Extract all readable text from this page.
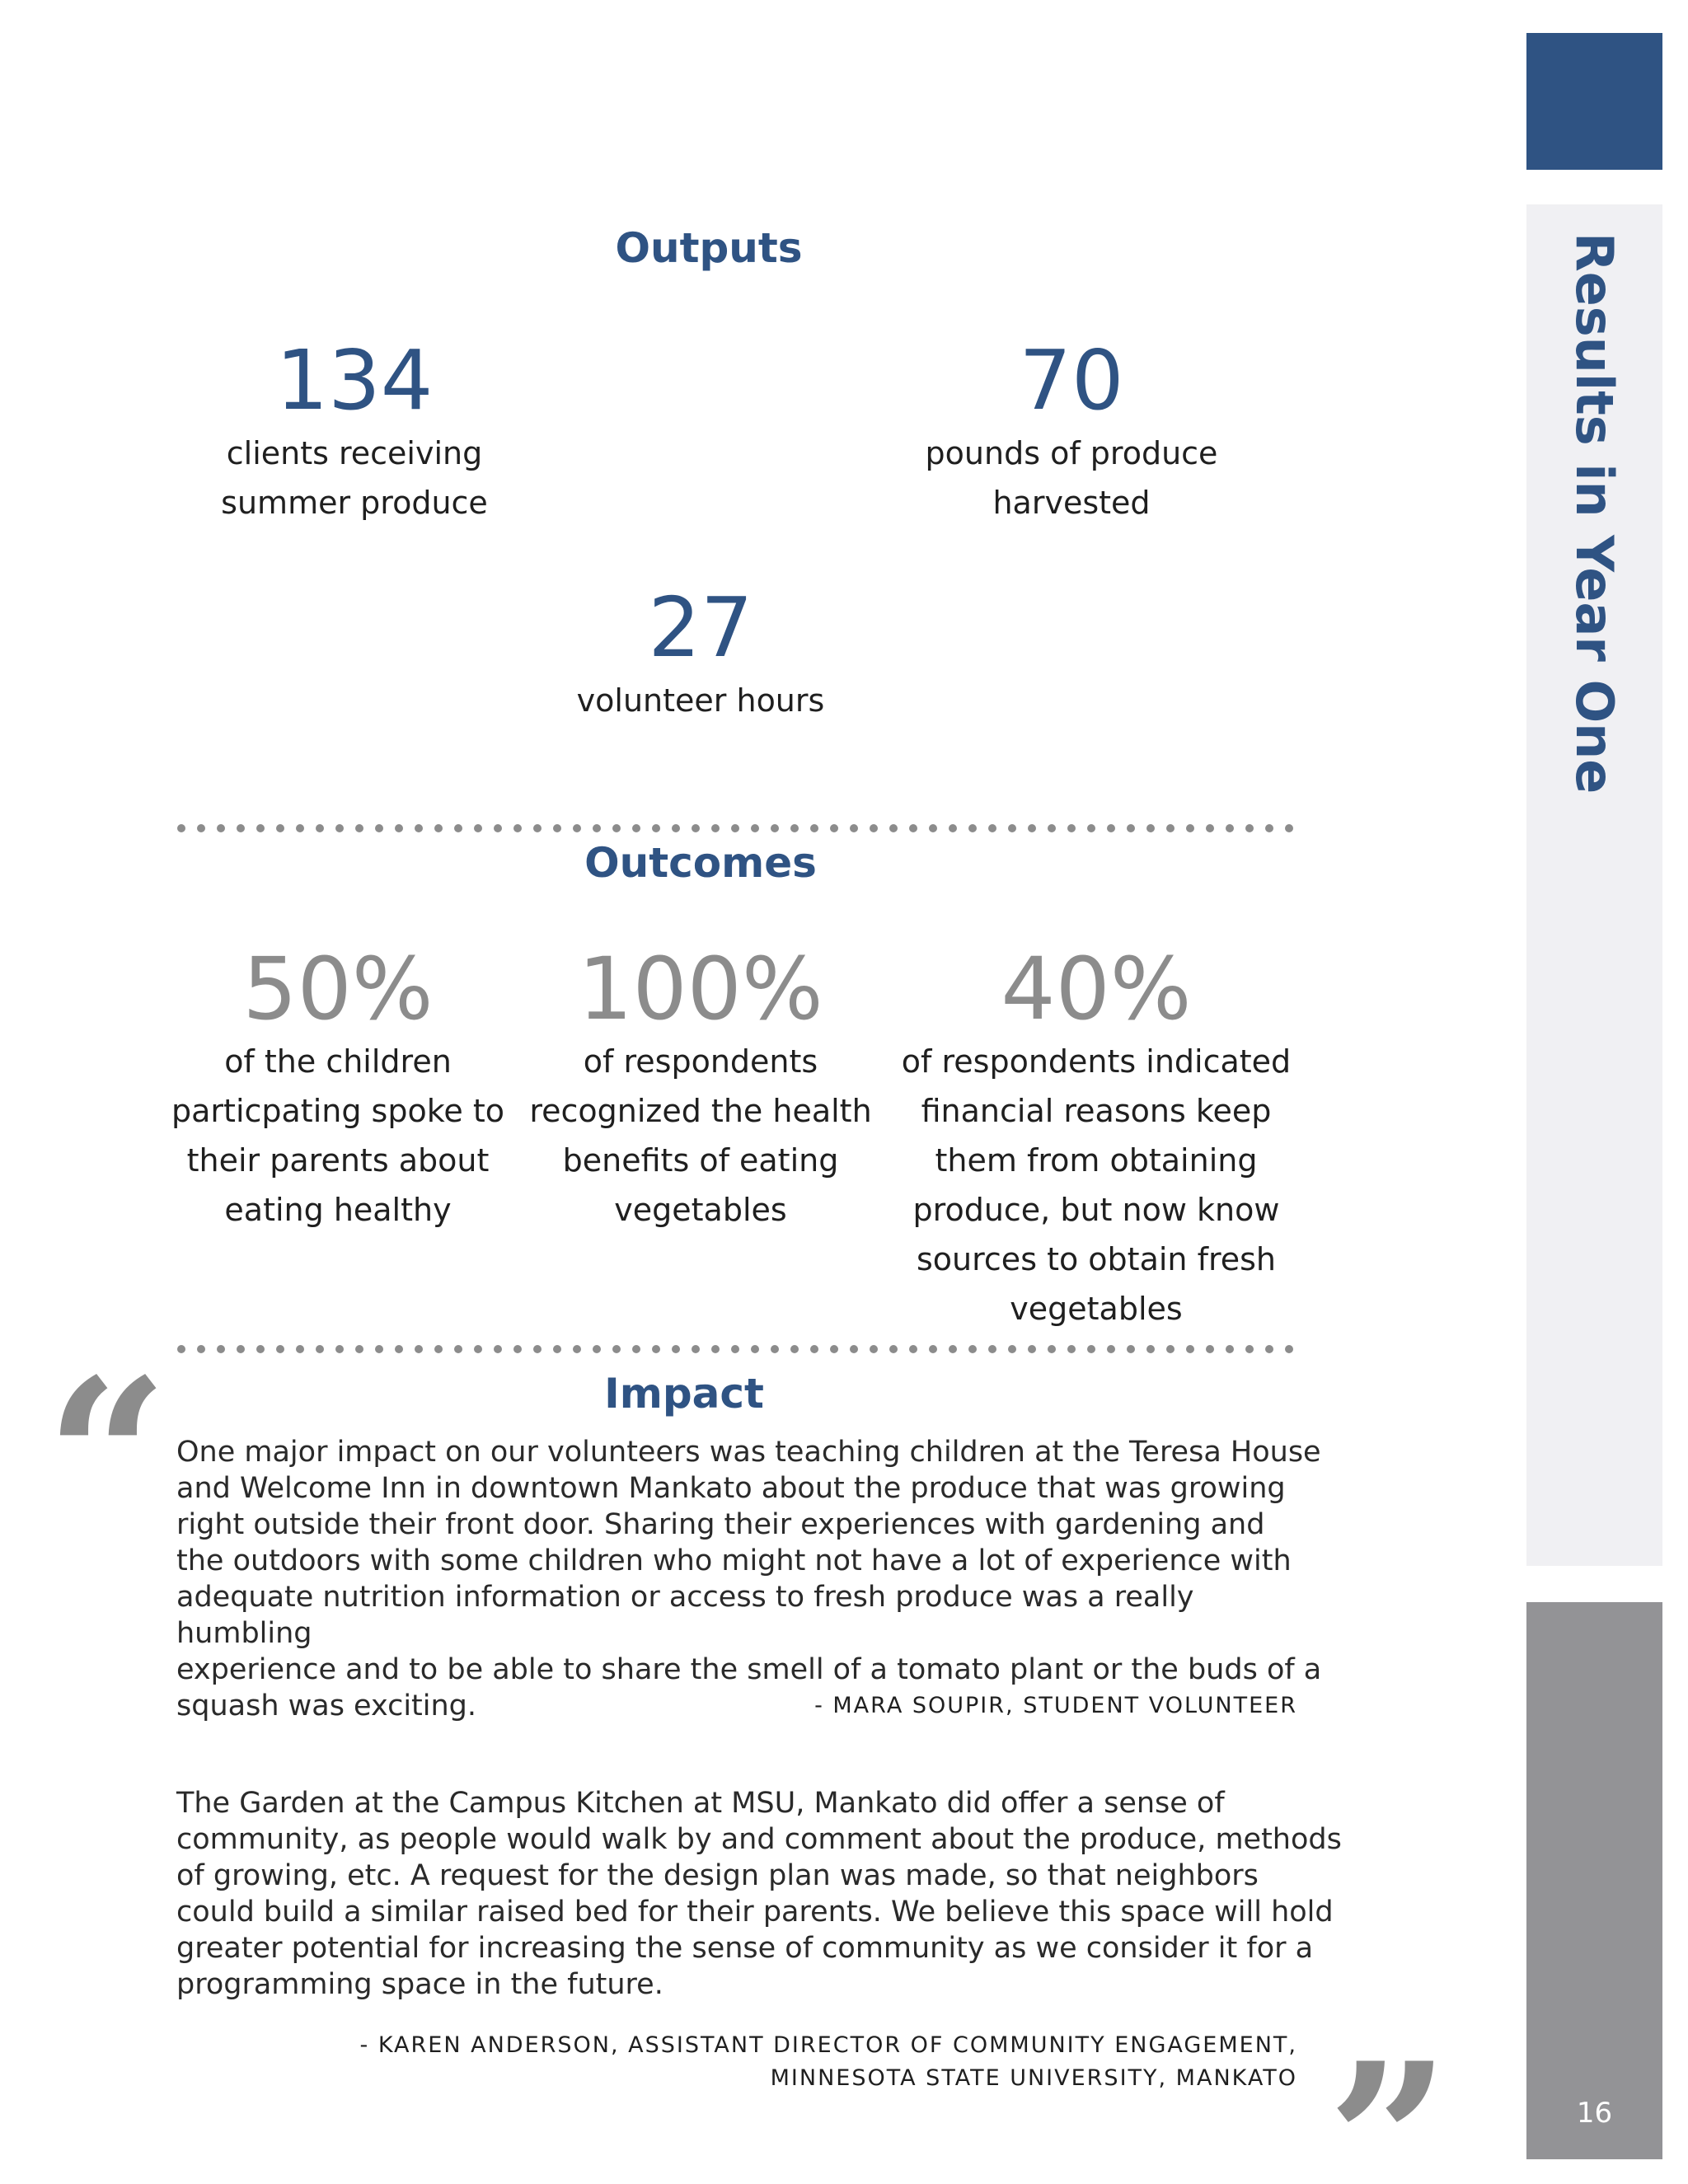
Results in Year One
16
Outputs
134
clients receiving
summer produce
70
pounds of produce
harvested
27
volunteer hours
Outcomes
50%
of the children
particpating spoke to
their parents about
eating healthy
100%
of respondents
recognized the health
benefits of eating
vegetables
40%
of respondents indicated
financial reasons keep
them from obtaining
produce, but now know
sources to obtain fresh
vegetables
“	Impact
One major impact on our volunteers was teaching children at the Teresa House
and Welcome Inn in downtown Mankato about the produce that was growing
right outside their front door. Sharing their experiences with gardening and
the outdoors with some children who might not have a lot of experience with
adequate nutrition information or access to fresh produce was a really humbling
experience and to be able to share the smell of a tomato plant or the buds of a
squash was exciting.	- MARA SOUPIR, STUDENT VOLUNTEER
The Garden at the Campus Kitchen at MSU, Mankato did offer a sense of
community, as people would walk by and comment about the produce, methods
of growing, etc. A request for the design plan was made, so that neighbors
could build a similar raised bed for their parents. We believe this space will hold
greater potential for increasing the sense of community as we consider it for a
programming space in the future.
- KAREN ANDERSON, ASSISTANT DIRECTOR OF COMMUNITY ENGAGEMENT,
MINNESOTA STATE UNIVERSITY, MANKATO ”
